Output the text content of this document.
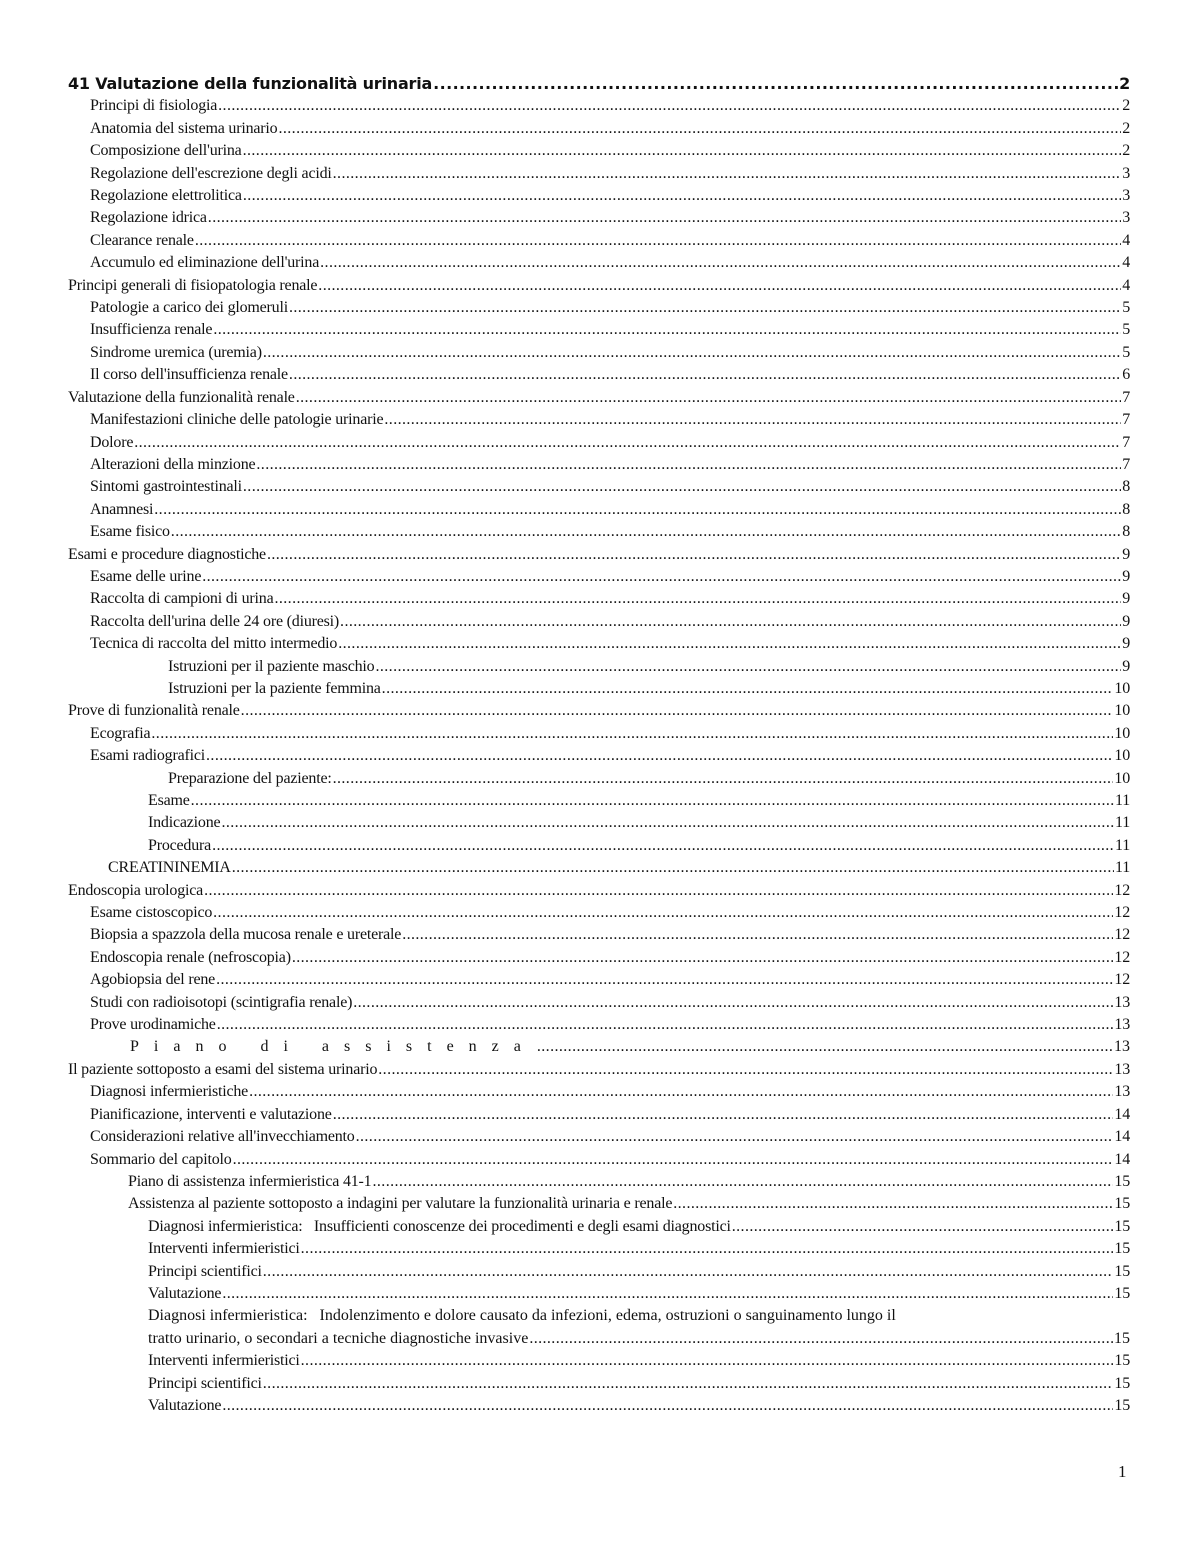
41 Valutazione della funzionalità urinaria .....	2
Principi di fisiologia .....	2
Anatomia del sistema urinario .....	2
Composizione dell'urina .....	2
Regolazione dell'escrezione degli acidi .....	3
Regolazione elettrolitica .....	3
Regolazione idrica .....	3
Clearance renale .....	4
Accumulo ed eliminazione dell'urina .....	4
Principi generali di fisiopatologia renale .....	4
Patologie a carico dei glomeruli .....	5
Insufficienza renale .....	5
Sindrome uremica (uremia) .....	5
Il corso dell'insufficienza renale .....	6
Valutazione della funzionalità renale .....	7
Manifestazioni cliniche delle patologie urinarie .....	7
Dolore .....	7
Alterazioni della minzione .....	7
Sintomi gastrointestinali .....	8
Anamnesi .....	8
Esame fisico .....	8
Esami e procedure diagnostiche .....	9
Esame delle urine .....	9
Raccolta di campioni di urina .....	9
Raccolta dell'urina delle 24 ore (diuresi) .....	9
Tecnica di raccolta del mitto intermedio .....	9
Istruzioni per il paziente maschio .....	9
Istruzioni per la paziente femmina .....	10
Prove di funzionalità renale .....	10
Ecografia .....	10
Esami radiografici .....	10
Preparazione del paziente: .....	10
Esame .....	11
Indicazione .....	11
Procedura .....	11
CREATININEMIA .....	11
Endoscopia urologica .....	12
Esame cistoscopico .....	12
Biopsia a spazzola della mucosa renale e ureterale .....	12
Endoscopia renale (nefroscopia) .....	12
Agobiopsia del rene .....	12
Studi con radioisotopi (scintigrafia renale) .....	13
Prove urodinamiche .....	13
Piano di assistenza .....	13
Il paziente sottoposto a esami del sistema urinario .....	13
Diagnosi infermieristiche .....	13
Pianificazione, interventi e valutazione .....	14
Considerazioni relative all'invecchiamento .....	14
Sommario del capitolo .....	14
Piano di assistenza infermieristica 41-1 .....	15
Assistenza al paziente sottoposto a indagini per valutare la funzionalità urinaria e renale .....	15
Diagnosi infermieristica:   Insufficienti conoscenze dei procedimenti e degli esami diagnostici .....	15
Interventi infermieristici .....	15
Principi scientifici .....	15
Valutazione .....	15
Diagnosi infermieristica:   Indolenzimento e dolore causato da infezioni, edema, ostruzioni o sanguinamento lungo il
tratto urinario, o secondari a tecniche diagnostiche invasive .....	15
Interventi infermieristici .....	15
Principi scientifici .....	15
Valutazione .....	15
1
